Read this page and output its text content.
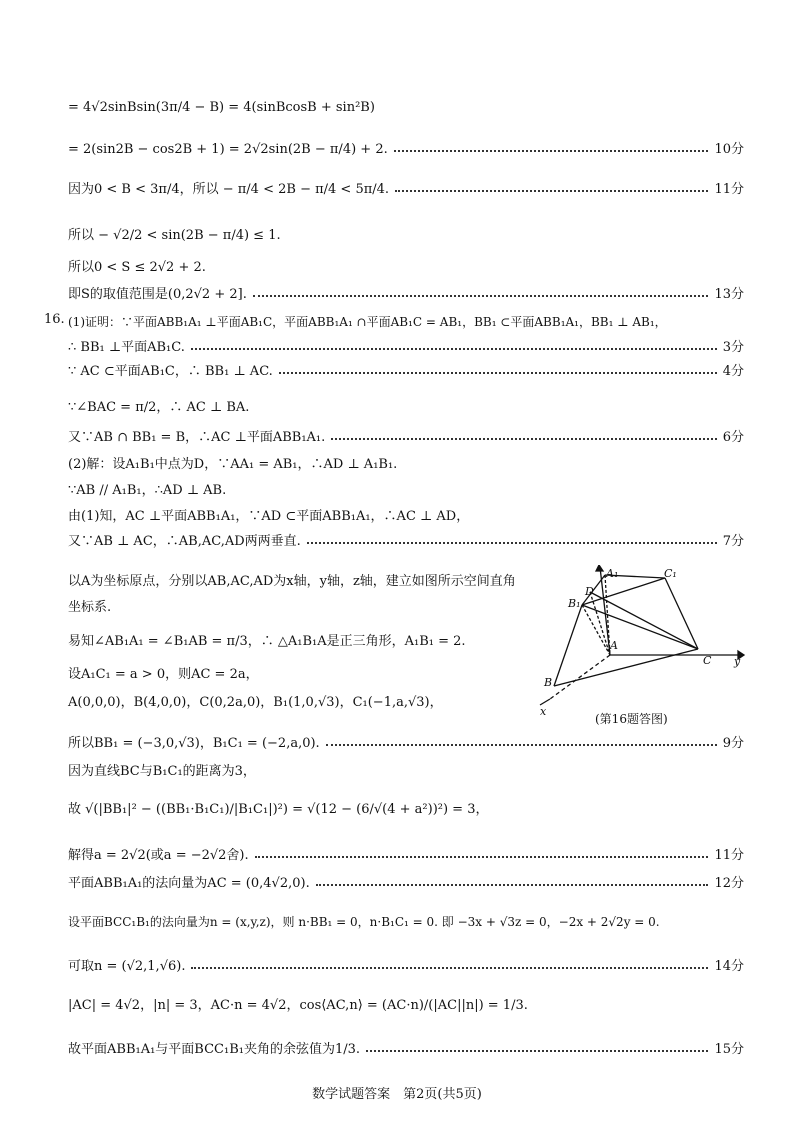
= 4√2sinBsin(3π/4 − B) = 4(sinBcosB + sin²B)
= 2(sin2B − cos2B + 1) = 2√2sin(2B − π/4) + 2.	10分
因为0 < B < 3π/4，所以 − π/4 < 2B − π/4 < 5π/4.	11分
所以 − √2/2 < sin(2B − π/4) ≤ 1.
所以0 < S ≤ 2√2 + 2.
即S的取值范围是(0,2√2 + 2].	13分
16. (1)证明：∵平面ABB₁A₁ ⊥平面AB₁C，平面ABB₁A₁ ∩平面AB₁C = AB₁，BB₁ ⊂平面ABB₁A₁，BB₁ ⊥ AB₁，
∴ BB₁ ⊥平面AB₁C.	3分
∵ AC ⊂平面AB₁C，∴ BB₁ ⊥ AC.	4分
∵∠BAC = π/2，∴ AC ⊥ BA.
又∵AB ∩ BB₁ = B，∴AC ⊥平面ABB₁A₁.	6分
(2)解：设A₁B₁中点为D，∵AA₁ = AB₁，∴AD ⊥ A₁B₁.
∵AB // A₁B₁，∴AD ⊥ AB.
由(1)知，AC ⊥平面ABB₁A₁，∵AD ⊂平面ABB₁A₁，∴AC ⊥ AD，
又∵AB ⊥ AC，∴AB,AC,AD两两垂直.	7分
以A为坐标原点，分别以AB,AC,AD为x轴，y轴，z轴，建立如图所示空间直角
坐标系.
易知∠AB₁A₁ = ∠B₁AB = π/3，∴ △A₁B₁A是正三角形，A₁B₁ = 2.
设A₁C₁ = a > 0，则AC = 2a，
A(0,0,0)，B(4,0,0)，C(0,2a,0)，B₁(1,0,√3)，C₁(−1,a,√3)，
A₁	C₁
D
B₁
A
C y
B
x
(第16题答图)
所以BB₁ = (−3,0,√3)，B₁C₁ = (−2,a,0).	9分
因为直线BC与B₁C₁的距离为3，
故 √(|BB₁|² − ((BB₁·B₁C₁)/|B₁C₁|)²) = √(12 − (6/√(4 + a²))²) = 3，
解得a = 2√2(或a = −2√2舍).	11分
平面ABB₁A₁的法向量为AC = (0,4√2,0).	12分
设平面BCC₁B₁的法向量为n = (x,y,z)，则 n·BB₁ = 0，n·B₁C₁ = 0. 即 −3x + √3z = 0，−2x + 2√2y = 0.
可取n = (√2,1,√6).	14分
|AC| = 4√2，|n| = 3，AC·n = 4√2，cos⟨AC,n⟩ = (AC·n)/(|AC||n|) = 1/3.
故平面ABB₁A₁与平面BCC₁B₁夹角的余弦值为1/3.	15分
数学试题答案　第2页(共5页)
